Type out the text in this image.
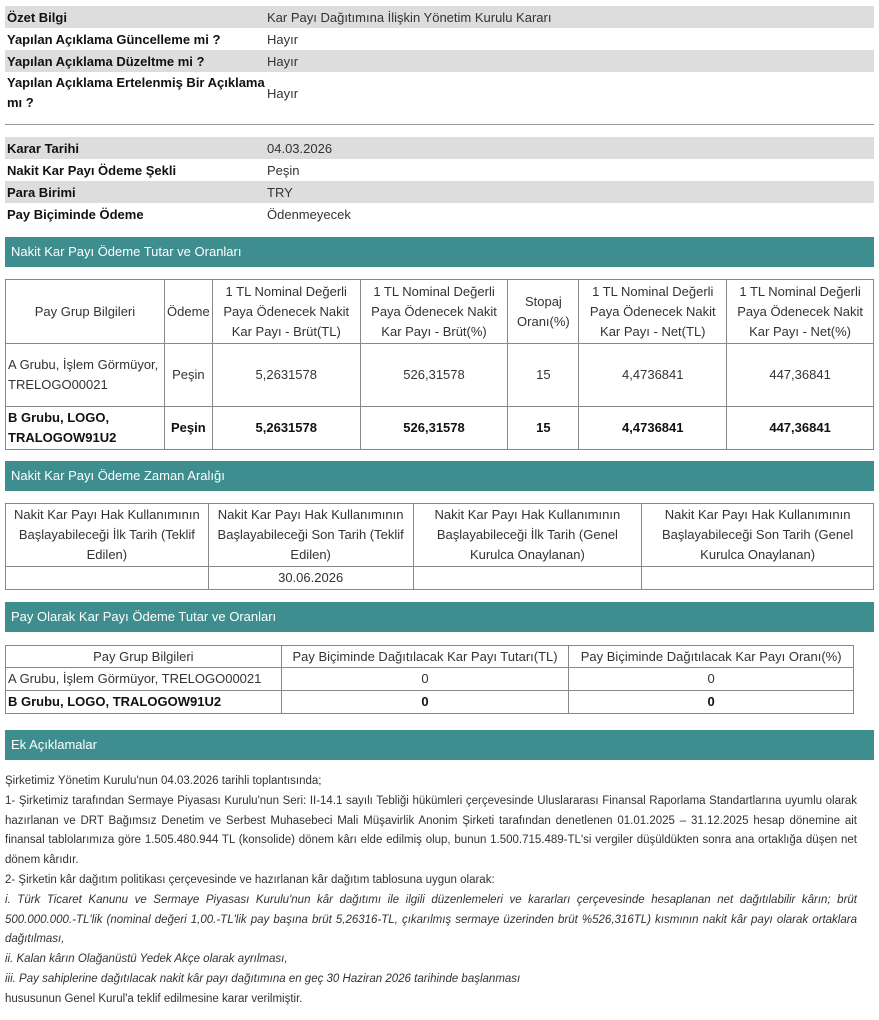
Özet Bilgi	Kar Payı Dağıtımına İlişkin Yönetim Kurulu Kararı
Yapılan Açıklama Güncelleme mi ?	Hayır
Yapılan Açıklama Düzeltme mi ?	Hayır
Yapılan Açıklama Ertelenmiş Bir Açıklama mı ?	Hayır
Karar Tarihi	04.03.2026
Nakit Kar Payı Ödeme Şekli	Peşin
Para Birimi	TRY
Pay Biçiminde Ödeme	Ödenmeyecek
Nakit Kar Payı Ödeme Tutar ve Oranları
Pay Grup Bilgileri	Ödeme	1 TL Nominal Değerli Paya Ödenecek Nakit Kar Payı - Brüt(TL)	1 TL Nominal Değerli Paya Ödenecek Nakit Kar Payı - Brüt(%)	Stopaj Oranı(%)	1 TL Nominal Değerli Paya Ödenecek Nakit Kar Payı - Net(TL)	1 TL Nominal Değerli Paya Ödenecek Nakit Kar Payı - Net(%)
A Grubu, İşlem Görmüyor, TRELOGO00021	Peşin	5,2631578	526,31578	15	4,4736841	447,36841
B Grubu, LOGO, TRALOGOW91U2	Peşin	5,2631578	526,31578	15	4,4736841	447,36841
Nakit Kar Payı Ödeme Zaman Aralığı
Nakit Kar Payı Hak Kullanımının Başlayabileceği İlk Tarih (Teklif Edilen)	Nakit Kar Payı Hak Kullanımının Başlayabileceği Son Tarih (Teklif Edilen)	Nakit Kar Payı Hak Kullanımının Başlayabileceği İlk Tarih (Genel Kurulca Onaylanan)	Nakit Kar Payı Hak Kullanımının Başlayabileceği Son Tarih (Genel Kurulca Onaylanan)
	30.06.2026		
Pay Olarak Kar Payı Ödeme Tutar ve Oranları
Pay Grup Bilgileri	Pay Biçiminde Dağıtılacak Kar Payı Tutarı(TL)	Pay Biçiminde Dağıtılacak Kar Payı Oranı(%)
A Grubu, İşlem Görmüyor, TRELOGO00021	0	0
B Grubu, LOGO, TRALOGOW91U2	0	0
Ek Açıklamalar

Şirketimiz Yönetim Kurulu'nun 04.03.2026 tarihli toplantısında;

1- Şirketimiz tarafından Sermaye Piyasası Kurulu'nun Seri: II-14.1 sayılı Tebliği hükümleri çerçevesinde Uluslararası Finansal Raporlama Standartlarına uyumlu olarak hazırlanan ve DRT Bağımsız Denetim ve Serbest Muhasebeci Mali Müşavirlik Anonim Şirketi tarafından denetlenen 01.01.2025 – 31.12.2025 hesap dönemine ait finansal tablolarımıza göre 1.505.480.944 TL (konsolide) dönem kârı elde edilmiş olup, bunun 1.500.715.489-TL'si vergiler düşüldükten sonra ana ortaklığa düşen net dönem kârıdır.

2- Şirketin kâr dağıtım politikası çerçevesinde ve hazırlanan kâr dağıtım tablosuna uygun olarak:

i. Türk Ticaret Kanunu ve Sermaye Piyasası Kurulu'nun kâr dağıtımı ile ilgili düzenlemeleri ve kararları çerçevesinde hesaplanan net dağıtılabilir kârın; brüt 500.000.000.-TL'lik (nominal değeri 1,00.-TL'lik pay başına brüt 5,26316-TL, çıkarılmış sermaye üzerinden brüt %526,316TL) kısmının nakit kâr payı olarak ortaklara dağıtılması,

ii. Kalan kârın Olağanüstü Yedek Akçe olarak ayrılması,

iii. Pay sahiplerine dağıtılacak nakit kâr payı dağıtımına en geç 30 Haziran 2026 tarihinde başlanması

hususunun Genel Kurul'a teklif edilmesine karar verilmiştir.
